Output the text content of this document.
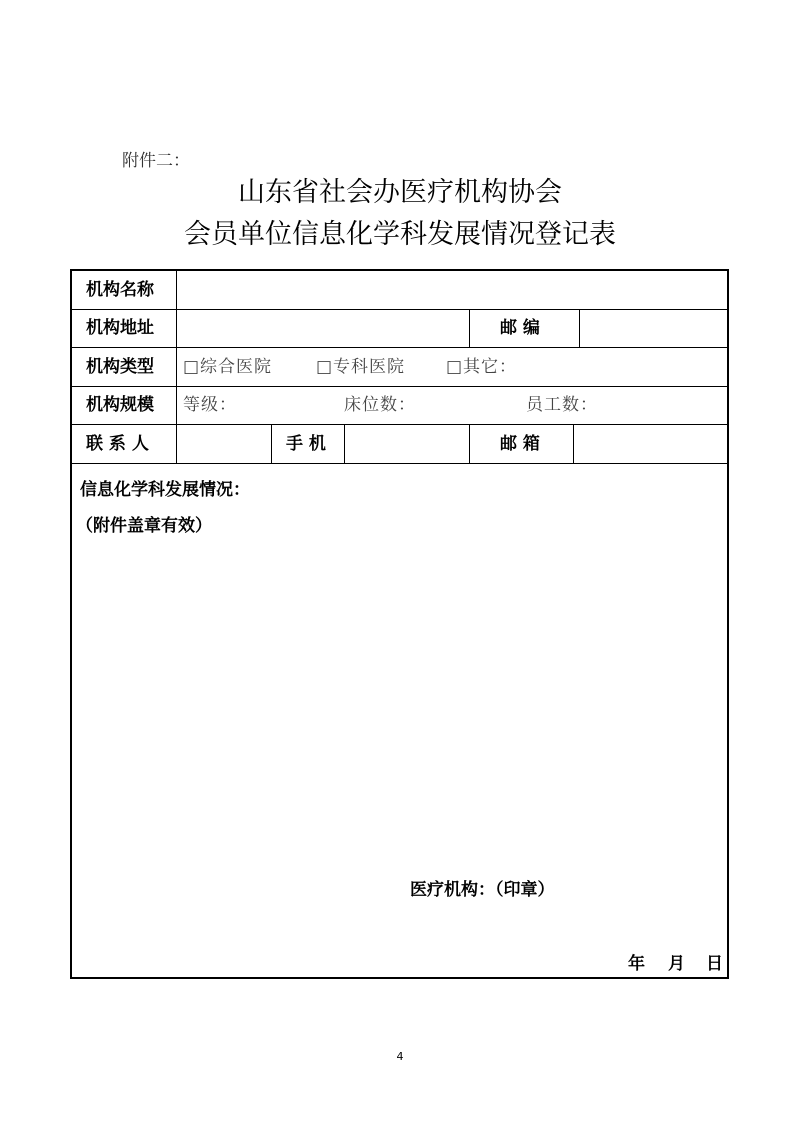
附件二：
山东省社会办医疗机构协会
会员单位信息化学科发展情况登记表
机构名称
机构地址	邮 编
机构类型 □综合医院	□专科医院 □其它：
机构规模 等级：	床位数：	员工数：
联 系 人	手 机	邮 箱
信息化学科发展情况：
（附件盖章有效）
医疗机构：（印章）
年 月 日
4
